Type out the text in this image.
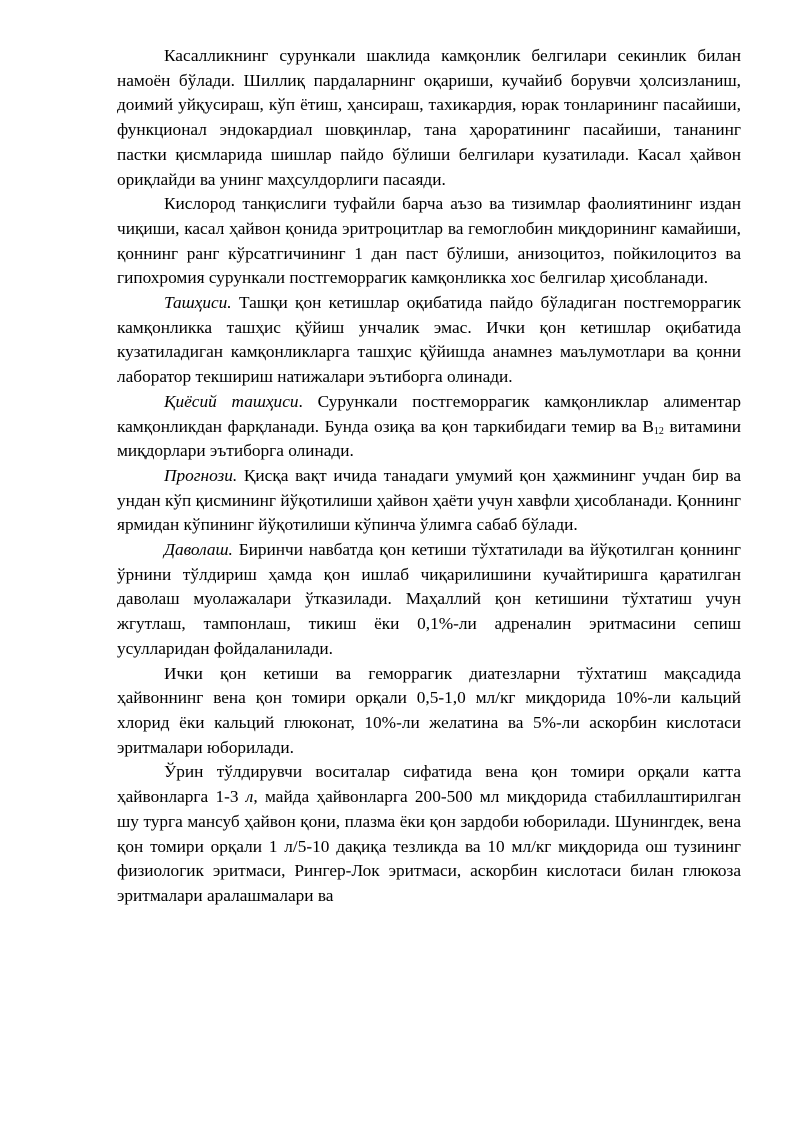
Касалликнинг сурункали шаклида камқонлик белгилари секинлик билан намоён бўлади. Шиллиқ пардаларнинг оқариши, кучайиб борувчи ҳолсизланиш, доимий уйқусираш, кўп ётиш, ҳансираш, тахикардия, юрак тонларининг пасайиши, функционал эндокардиал шовқинлар, тана ҳароратининг пасайиши, тананинг пастки қисмларида шишлар пайдо бўлиши белгилари кузатилади. Касал ҳайвон ориқлайди ва унинг маҳсулдорлиги пасаяди.

Кислород танқислиги туфайли барча аъзо ва тизимлар фаолиятининг издан чиқиши, касал ҳайвон қонида эритроцитлар ва гемоглобин миқдорининг камайиши, қоннинг ранг кўрсатгичининг 1 дан паст бўлиши, анизоцитоз, пойкилоцитоз ва гипохромия сурункали постгеморрагик камқонликка хос белгилар ҳисобланади.

Ташҳиси. Ташқи қон кетишлар оқибатида пайдо бўладиган постгеморрагик камқонликка ташҳис қўйиш унчалик эмас. Ички қон кетишлар оқибатида кузатиладиган камқонликларга ташҳис қўйишда анамнез маълумотлари ва қонни лаборатор текшириш натижалари эътиборга олинади.

Қиёсий ташҳиси. Сурункали постгеморрагик камқонликлар алиментар камқонликдан фарқланади. Бунда озиқа ва қон таркибидаги темир ва $В_{12}$ витамини миқдорлари эътиборга олинади.

Прогнози. Қисқа вақт ичида танадаги умумий қон ҳажмининг учдан бир ва ундан кўп қисмининг йўқотилиши ҳайвон ҳаёти учун хавфли ҳисобланади. Қоннинг ярмидан кўпининг йўқотилиши кўпинча ўлимга сабаб бўлади.

Даволаш. Биринчи навбатда қон кетиши тўхтатилади ва йўқотилган қоннинг ўрнини тўлдириш ҳамда қон ишлаб чиқарилишини кучайтиришга қаратилган даволаш муолажалари ўтказилади. Маҳаллий қон кетишини тўхтатиш учун жгутлаш, тампонлаш, тикиш ёки 0,1%-ли адреналин эритмасини сепиш усулларидан фойдаланилади.

Ички қон кетиши ва геморрагик диатезларни тўхтатиш мақсадида ҳайвоннинг вена қон томири орқали 0,5-1,0 мл/кг миқдорида 10%-ли кальций хлорид ёки кальций глюконат, 10%-ли желатина ва 5%-ли аскорбин кислотаси эритмалари юборилади.

Ўрин тўлдирувчи воситалар сифатида вена қон томири орқали катта ҳайвонларга 1-3 л, майда ҳайвонларга 200-500 мл миқдорида стабиллаштирилган шу турга мансуб ҳайвон қони, плазма ёки қон зардоби юборилади. Шунингдек, вена қон томири орқали 1 л/5-10 дақиқа тезликда ва 10 мл/кг миқдорида ош тузининг физиологик эритмаси, Рингер-Лок эритмаси, аскорбин кислотаси билан глюкоза эритмалари аралашмалари ва
